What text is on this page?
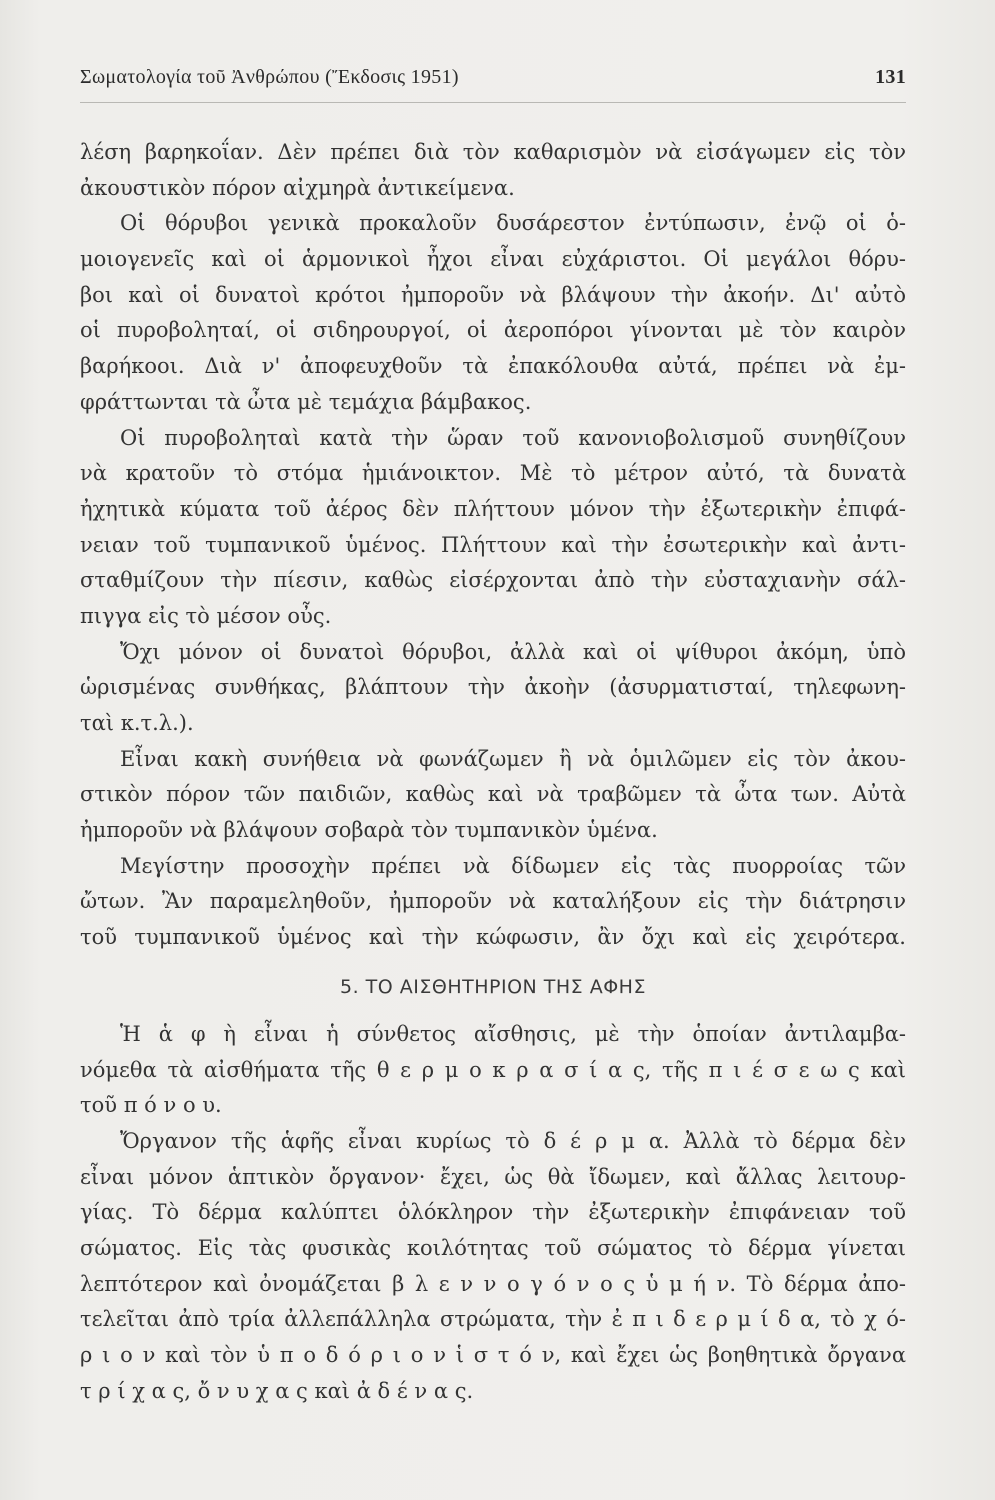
Σωματολογία τοῦ Ἀνθρώπου (Ἔκδοσις 1951)	131
λέση βαρηκοΐαν. Δὲν πρέπει διὰ τὸν καθαρισμὸν νὰ εἰσάγωμεν εἰς τὸν
ἀκουστικὸν πόρον αἰχμηρὰ ἀντικείμενα.
Οἱ θόρυβοι γενικὰ προκαλοῦν δυσάρεστον ἐντύπωσιν, ἐνῷ οἱ ὁ-
μοιογενεῖς καὶ οἱ ἁρμονικοὶ ἦχοι εἶναι εὐχάριστοι. Οἱ μεγάλοι θόρυ-
βοι καὶ οἱ δυνατοὶ κρότοι ἠμποροῦν νὰ βλάψουν τὴν ἀκοήν. Δι' αὐτὸ
οἱ πυροβοληταί, οἱ σιδηρουργοί, οἱ ἀεροπόροι γίνονται μὲ τὸν καιρὸν
βαρήκοοι. Διὰ ν' ἀποφευχθοῦν τὰ ἐπακόλουθα αὐτά, πρέπει νὰ ἐμ-
φράττωνται τὰ ὦτα μὲ τεμάχια βάμβακος.
Οἱ πυροβοληταὶ κατὰ τὴν ὥραν τοῦ κανονιοβολισμοῦ συνηθίζουν
νὰ κρατοῦν τὸ στόμα ἡμιάνοικτον. Μὲ τὸ μέτρον αὐτό, τὰ δυνατὰ
ἠχητικὰ κύματα τοῦ ἀέρος δὲν πλήττουν μόνον τὴν ἐξωτερικὴν ἐπιφά-
νειαν τοῦ τυμπανικοῦ ὑμένος. Πλήττουν καὶ τὴν ἐσωτερικὴν καὶ ἀντι-
σταθμίζουν τὴν πίεσιν, καθὼς εἰσέρχονται ἀπὸ τὴν εὐσταχιανὴν σάλ-
πιγγα εἰς τὸ μέσον οὖς.
Ὄχι μόνον οἱ δυνατοὶ θόρυβοι, ἀλλὰ καὶ οἱ ψίθυροι ἀκόμη, ὑπὸ
ὡρισμένας συνθήκας, βλάπτουν τὴν ἀκοὴν (ἀσυρματισταί, τηλεφωνη-
ταὶ κ.τ.λ.).
Εἶναι κακὴ συνήθεια νὰ φωνάζωμεν ἢ νὰ ὁμιλῶμεν εἰς τὸν ἀκου-
στικὸν πόρον τῶν παιδιῶν, καθὼς καὶ νὰ τραβῶμεν τὰ ὦτα των. Αὐτὰ
ἠμποροῦν νὰ βλάψουν σοβαρὰ τὸν τυμπανικὸν ὑμένα.
Μεγίστην προσοχὴν πρέπει νὰ δίδωμεν εἰς τὰς πυορροίας τῶν
ὤτων. Ἂν παραμεληθοῦν, ἠμποροῦν νὰ καταλήξουν εἰς τὴν διάτρησιν
τοῦ τυμπανικοῦ ὑμένος καὶ τὴν κώφωσιν, ἂν ὄχι καὶ εἰς χειρότερα.
5. ΤΟ ΑΙΣΘΗΤΗΡΙΟΝ ΤΗΣ ΑΦΗΣ
Ἡ ἁ φ ὴ εἶναι ἡ σύνθετος αἴσθησις, μὲ τὴν ὁποίαν ἀντιλαμβα-
νόμεθα τὰ αἰσθήματα τῆς θ ε ρ μ ο κ ρ α σ ί α ς, τῆς π ι έ σ ε ω ς καὶ
τοῦ π ό ν ο υ.
Ὄργανον τῆς ἁφῆς εἶναι κυρίως τὸ δ έ ρ μ α. Ἀλλὰ τὸ δέρμα δὲν
εἶναι μόνον ἁπτικὸν ὄργανον· ἔχει, ὡς θὰ ἴδωμεν, καὶ ἄλλας λειτουρ-
γίας. Τὸ δέρμα καλύπτει ὁλόκληρον τὴν ἐξωτερικὴν ἐπιφάνειαν τοῦ
σώματος. Εἰς τὰς φυσικὰς κοιλότητας τοῦ σώματος τὸ δέρμα γίνεται
λεπτότερον καὶ ὀνομάζεται β λ ε ν ν ο γ ό ν ο ς ὑ μ ή ν. Τὸ δέρμα ἀπο-
τελεῖται ἀπὸ τρία ἀλλεπάλληλα στρώματα, τὴν ἐ π ι δ ε ρ μ ί δ α, τὸ χ ό-
ρ ι ο ν καὶ τὸν ὑ π ο δ ό ρ ι ο ν ἱ σ τ ό ν, καὶ ἔχει ὡς βοηθητικὰ ὄργανα
τ ρ ί χ α ς, ὄ ν υ χ α ς καὶ ἀ δ έ ν α ς.
